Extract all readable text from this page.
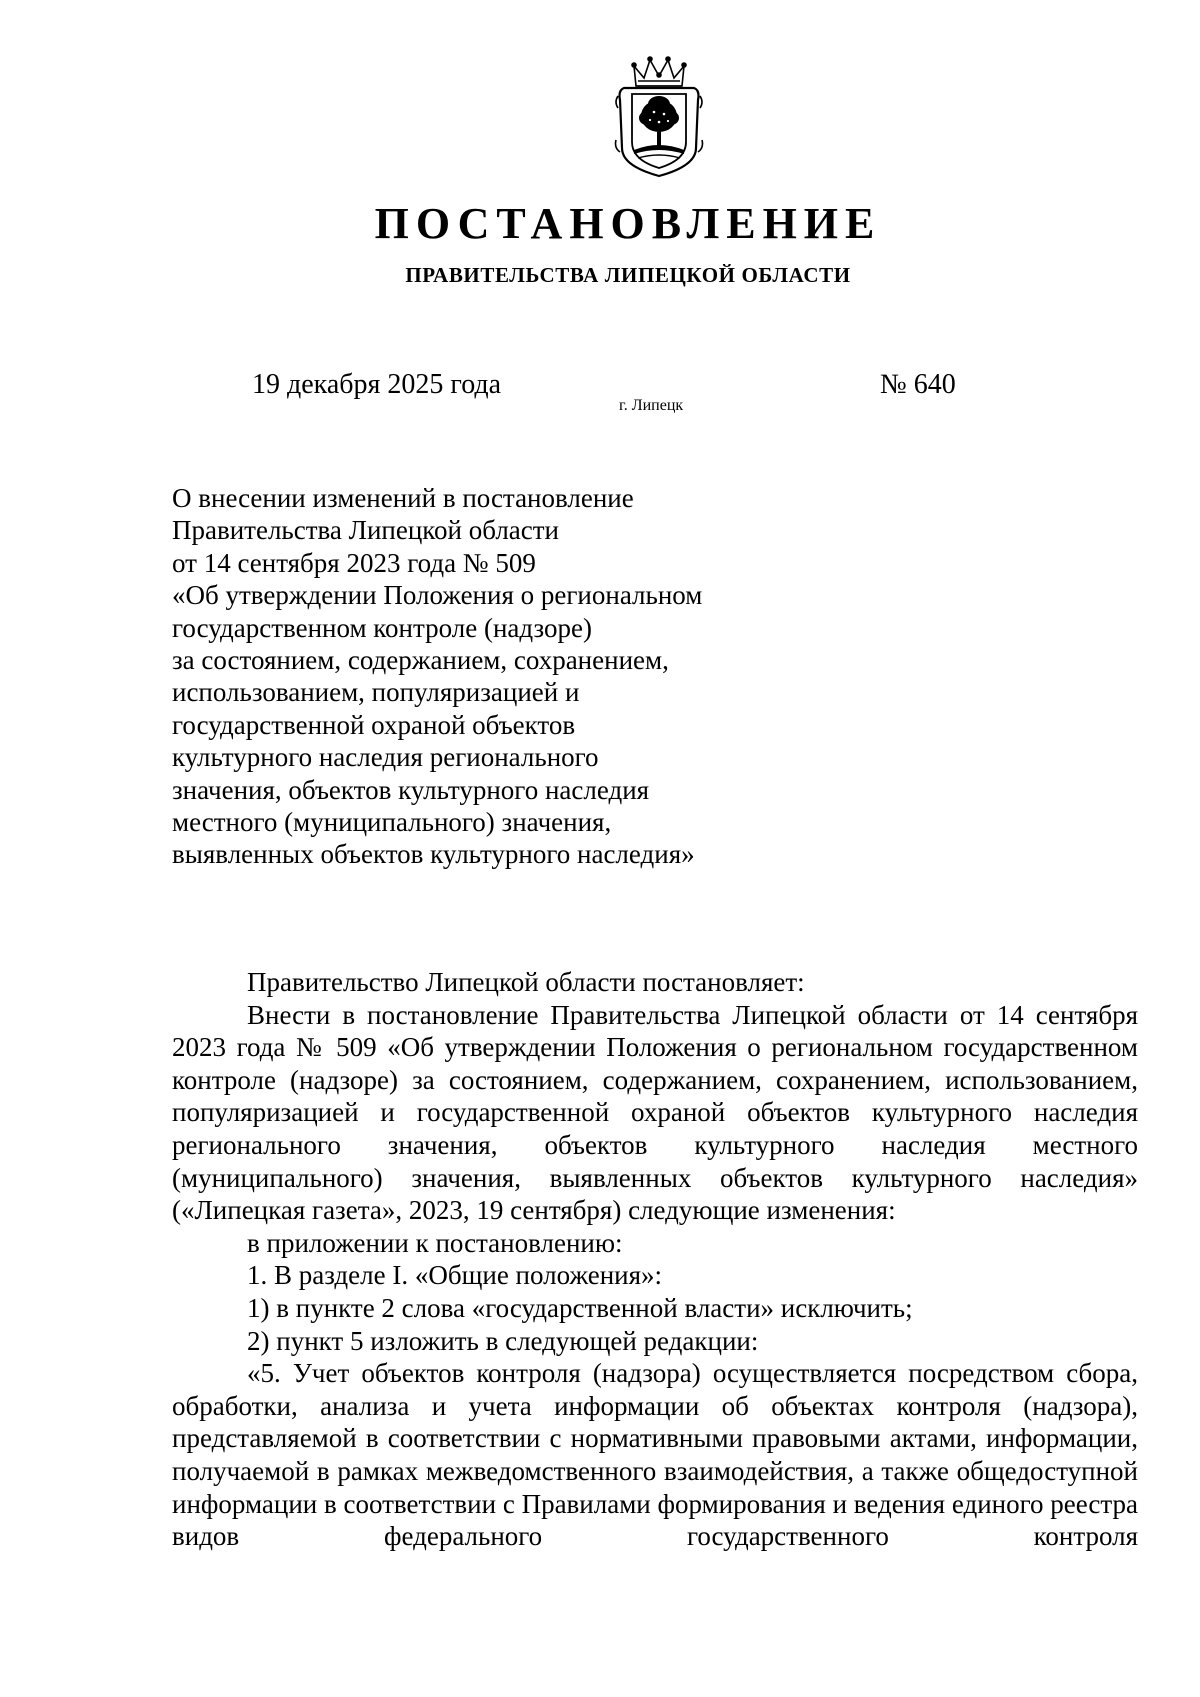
ПОСТАНОВЛЕНИЕ
ПРАВИТЕЛЬСТВА ЛИПЕЦКОЙ ОБЛАСТИ
19 декабря 2025 года
г. Липецк
№ 640
О внесении изменений в постановление
Правительства Липецкой области
от 14 сентября 2023 года № 509
«Об утверждении Положения о региональном
государственном контроле (надзоре)
за состоянием, содержанием, сохранением,
использованием, популяризацией и
государственной охраной объектов
культурного наследия регионального
значения, объектов культурного наследия
местного (муниципального) значения,
выявленных объектов культурного наследия»

Правительство Липецкой области постановляет:

Внести в постановление Правительства Липецкой области от 14 сентября 2023 года № 509 «Об утверждении Положения о региональном государственном контроле (надзоре) за состоянием, содержанием, сохранением, использованием, популяризацией и государственной охраной объектов культурного наследия регионального значения, объектов культурного наследия местного (муниципального) значения, выявленных объектов культурного наследия» («Липецкая газета», 2023, 19 сентября) следующие изменения:

в приложении к постановлению:

1. В разделе I. «Общие положения»:

1) в пункте 2 слова «государственной власти» исключить;

2) пункт 5 изложить в следующей редакции:

«5. Учет объектов контроля (надзора) осуществляется посредством сбора, обработки, анализа и учета информации об объектах контроля (надзора), представляемой в соответствии с нормативными правовыми актами, информации, получаемой в рамках межведомственного взаимодействия, а также общедоступной информации в соответствии с Правилами формирования и ведения единого реестра видов федерального государственного контроля
